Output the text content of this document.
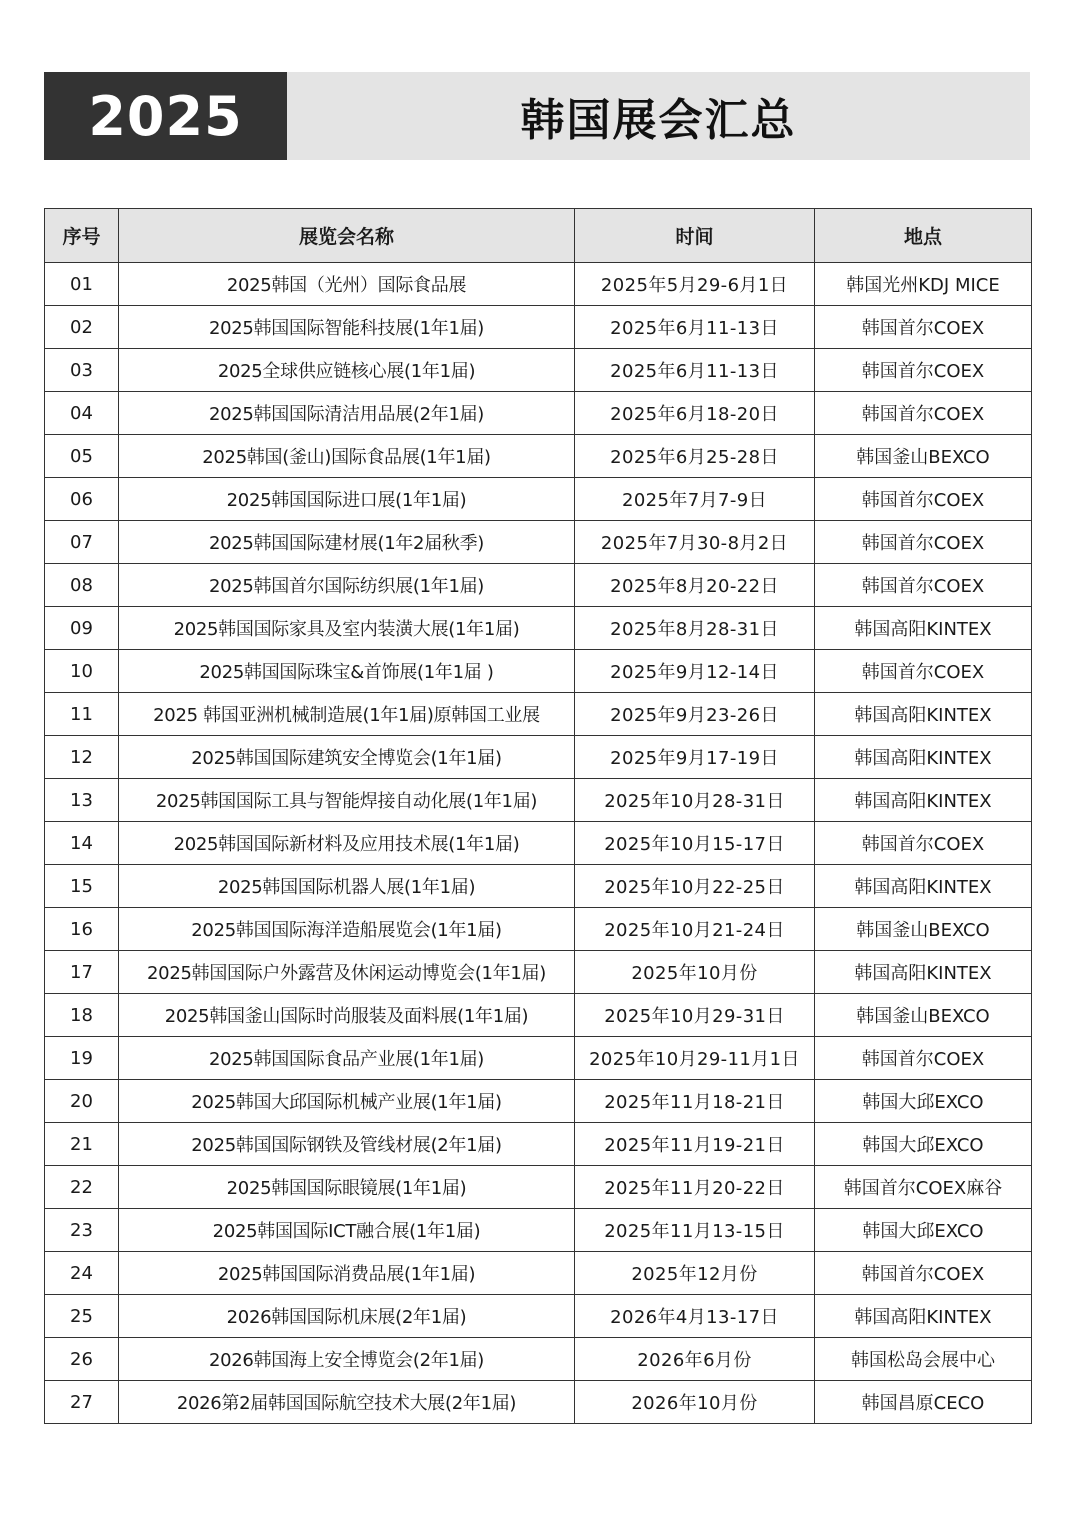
2025	韩国展会汇总
序号	展览会名称	时间	地点
01	2025韩国（光州）国际食品展	2025年5月29-6月1日	韩国光州KDJ MICE
02	2025韩国国际智能科技展(1年1届)	2025年6月11-13日	韩国首尔COEX
03	2025全球供应链核心展(1年1届)	2025年6月11-13日	韩国首尔COEX
04	2025韩国国际清洁用品展(2年1届)	2025年6月18-20日	韩国首尔COEX
05	2025韩国(釜山)国际食品展(1年1届)	2025年6月25-28日	韩国釜山BEXCO
06	2025韩国国际进口展(1年1届)	2025年7月7-9日	韩国首尔COEX
07	2025韩国国际建材展(1年2届秋季)	2025年7月30-8月2日	韩国首尔COEX
08	2025韩国首尔国际纺织展(1年1届)	2025年8月20-22日	韩国首尔COEX
09	2025韩国国际家具及室内装潢大展(1年1届)	2025年8月28-31日	韩国高阳KINTEX
10	2025韩国国际珠宝&首饰展(1年1届 )	2025年9月12-14日	韩国首尔COEX
11	2025 韩国亚洲机械制造展(1年1届)原韩国工业展	2025年9月23-26日	韩国高阳KINTEX
12	2025韩国国际建筑安全博览会(1年1届)	2025年9月17-19日	韩国高阳KINTEX
13	2025韩国国际工具与智能焊接自动化展(1年1届)	2025年10月28-31日	韩国高阳KINTEX
14	2025韩国国际新材料及应用技术展(1年1届)	2025年10月15-17日	韩国首尔COEX
15	2025韩国国际机器人展(1年1届)	2025年10月22-25日	韩国高阳KINTEX
16	2025韩国国际海洋造船展览会(1年1届)	2025年10月21-24日	韩国釜山BEXCO
17	2025韩国国际户外露营及休闲运动博览会(1年1届)	2025年10月份	韩国高阳KINTEX
18	2025韩国釜山国际时尚服装及面料展(1年1届)	2025年10月29-31日	韩国釜山BEXCO
19	2025韩国国际食品产业展(1年1届)	2025年10月29-11月1日	韩国首尔COEX
20	2025韩国大邱国际机械产业展(1年1届)	2025年11月18-21日	韩国大邱EXCO
21	2025韩国国际钢铁及管线材展(2年1届)	2025年11月19-21日	韩国大邱EXCO
22	2025韩国国际眼镜展(1年1届)	2025年11月20-22日	韩国首尔COEX麻谷
23	2025韩国国际ICT融合展(1年1届)	2025年11月13-15日	韩国大邱EXCO
24	2025韩国国际消费品展(1年1届)	2025年12月份	韩国首尔COEX
25	2026韩国国际机床展(2年1届)	2026年4月13-17日	韩国高阳KINTEX
26	2026韩国海上安全博览会(2年1届)	2026年6月份	韩国松岛会展中心
27	2026第2届韩国国际航空技术大展(2年1届)	2026年10月份	韩国昌原CECO
